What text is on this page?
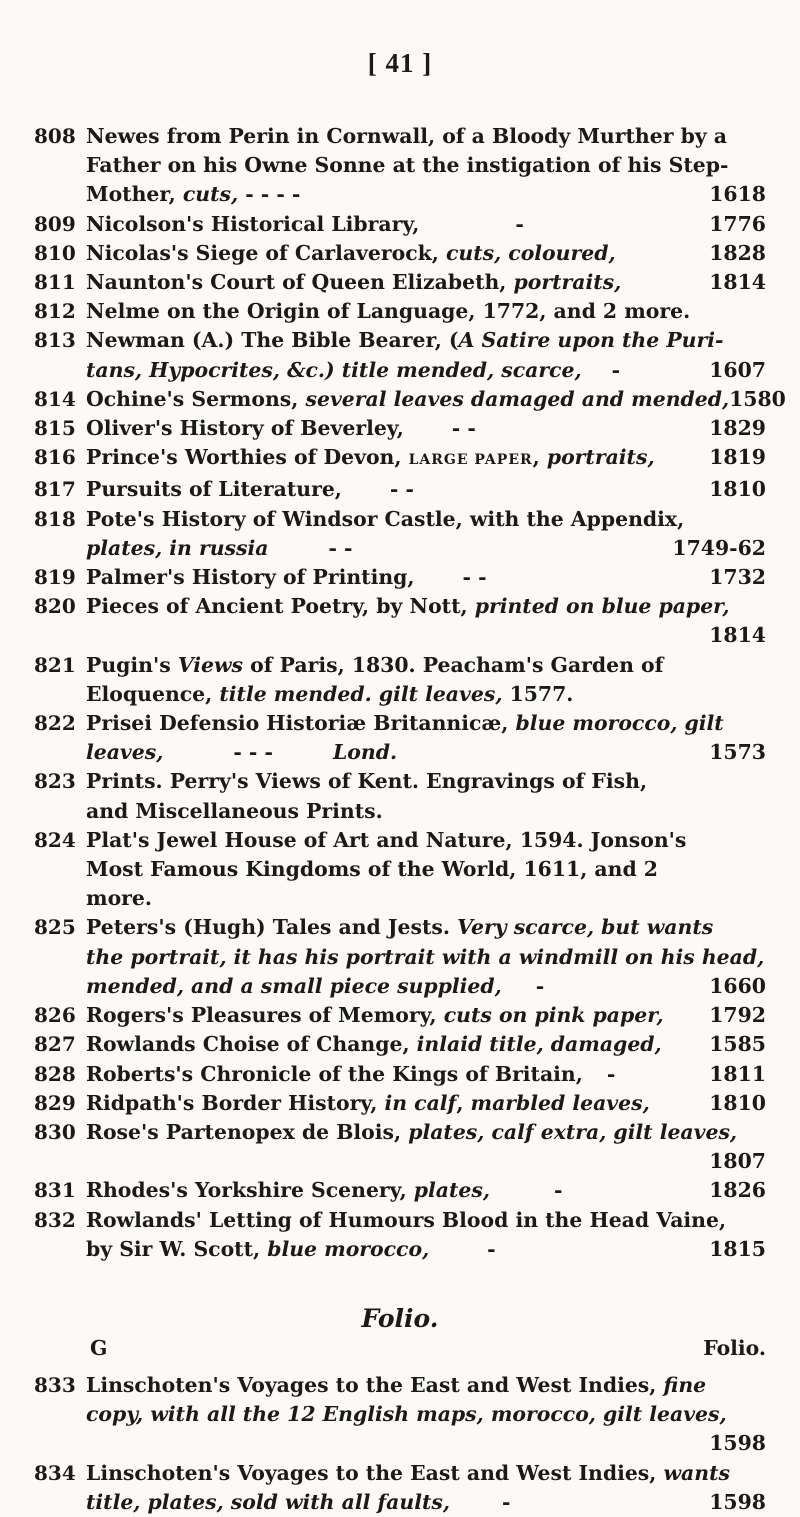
[ 41 ]
808 Newes from Perin in Cornwall, of a Bloody Murther by a
Father on his Owne Sonne at the instigation of his Step-
Mother, cuts, - - - -	1618
809 Nicolson's Historical Library,	-	1776
810 Nicolas's Siege of Carlaverock, cuts, coloured,	1828
811 Naunton's Court of Queen Elizabeth, portraits,	1814
812 Nelme on the Origin of Language, 1772, and 2 more.
813 Newman (A.) The Bible Bearer, (A Satire upon the Puri-
tans, Hypocrites, &c.) title mended, scarce, -	1607
814 Ochine's Sermons, several leaves damaged and mended, 1580
815 Oliver's History of Beverley, - -	1829
816 Prince's Worthies of Devon, LARGE PAPER, portraits,	1819
817 Pursuits of Literature, - -	1810
818 Pote's History of Windsor Castle, with the Appendix,
plates, in russia	- -	1749-62
819 Palmer's History of Printing, - -	1732
820 Pieces of Ancient Poetry, by Nott, printed on blue paper,
1814
821 Pugin's Views of Paris, 1830. Peacham's Garden of
Eloquence, title mended. gilt leaves, 1577.
822 Prisei Defensio Historiæ Britannicæ, blue morocco, gilt
leaves,	- - -	Lond.	1573
823 Prints. Perry's Views of Kent. Engravings of Fish,
and Miscellaneous Prints.
824 Plat's Jewel House of Art and Nature, 1594. Jonson's
Most Famous Kingdoms of the World, 1611, and 2
more.
825 Peters's (Hugh) Tales and Jests. Very scarce, but wants
the portrait, it has his portrait with a windmill on his head,
mended, and a small piece supplied, -	1660
826 Rogers's Pleasures of Memory, cuts on pink paper, 1792
827 Rowlands Choise of Change, inlaid title, damaged, 1585
828 Roberts's Chronicle of the Kings of Britain, -	1811
829 Ridpath's Border History, in calf, marbled leaves,	1810
830 Rose's Partenopex de Blois, plates, calf extra, gilt leaves,
1807
831 Rhodes's Yorkshire Scenery, plates,	-	1826
832 Rowlands' Letting of Humours Blood in the Head Vaine,
by Sir W. Scott, blue morocco,	-	1815
Folio.
833 Linschoten's Voyages to the East and West Indies, fine
copy, with all the 12 English maps, morocco, gilt leaves,
1598
834 Linschoten's Voyages to the East and West Indies, wants
title, plates, sold with all faults,	-	1598
G	Folio.
